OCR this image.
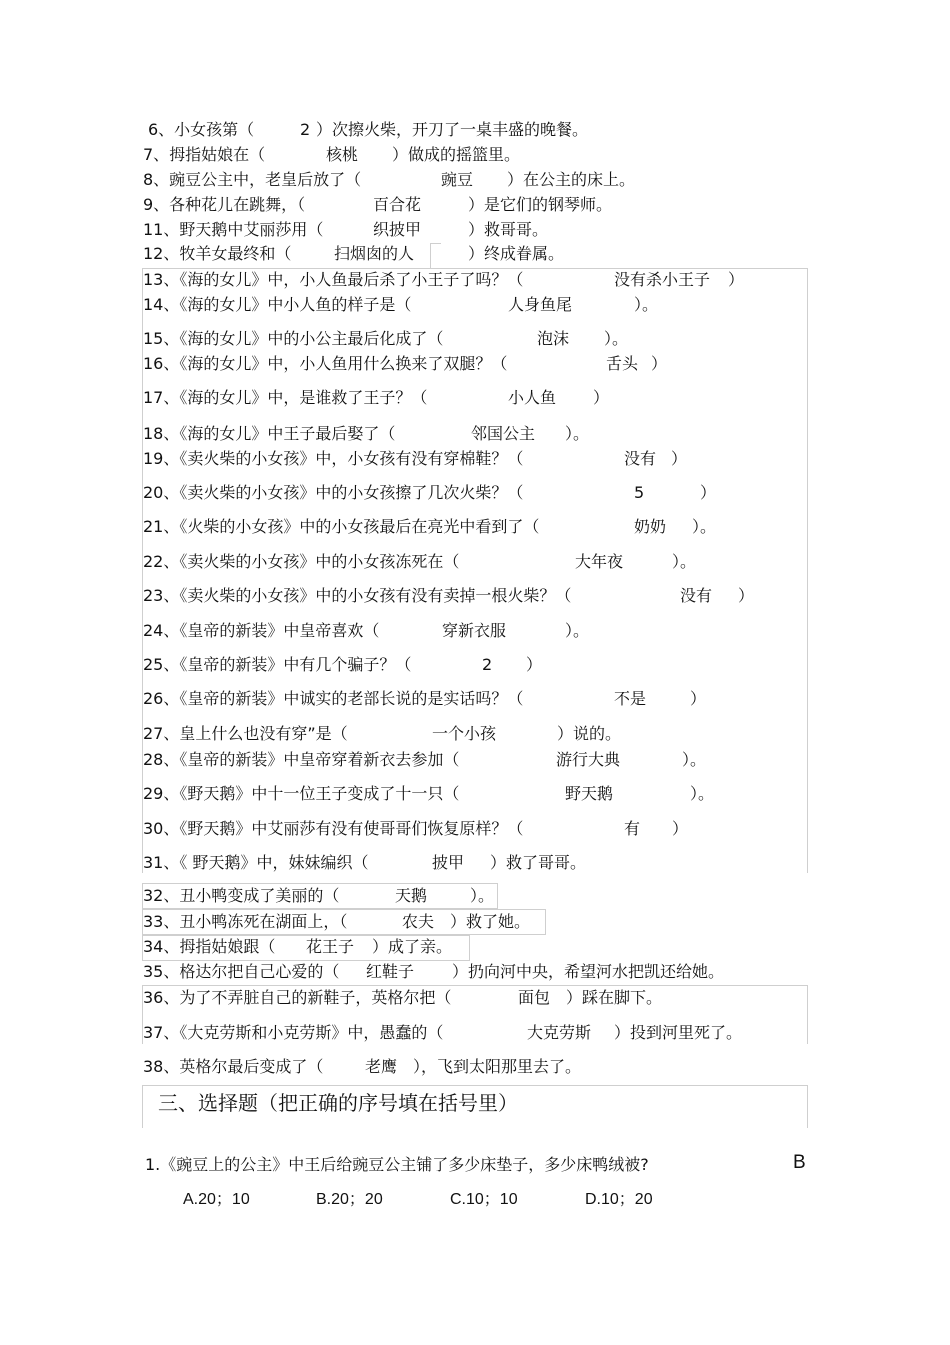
6、小女孩第（	2 ）次擦火柴，开刀了一桌丰盛的晚餐。
7、拇指姑娘在（	核桃 ）做成的摇篮里。
8、豌豆公主中，老皇后放了（	豌豆 ）在公主的床上。
9、各种花儿在跳舞，（	百合花	）是它们的钢琴师。
11、野天鹅中艾丽莎用（	织披甲	）救哥哥。
12、牧羊女最终和（	扫烟囱的人	）终成眷属。
13、《海的女儿》中，小人鱼最后杀了小王子了吗？（	没有杀小王子 ）
14、《海的女儿》中小人鱼的样子是（	人身鱼尾	）。
15、《海的女儿》中的小公主最后化成了（	泡沫 ）。
16、《海的女儿》中，小人鱼用什么换来了双腿？（	舌头 ）
17、《海的女儿》中，是谁救了王子？（	小人鱼 ）
18、《海的女儿》中王子最后娶了（	邻国公主 ）。
19、《卖火柴的小女孩》中，小女孩有没有穿棉鞋？（	没有 ）
20、《卖火柴的小女孩》中的小女孩擦了几次火柴？（	5	）
21、《火柴的小女孩》中的小女孩最后在亮光中看到了（	奶奶 ）。
22、《卖火柴的小女孩》中的小女孩冻死在（	大年夜	）。
23、《卖火柴的小女孩》中的小女孩有没有卖掉一根火柴？（	没有 ）
24、《皇帝的新装》中皇帝喜欢（	穿新衣服	）。
25、《皇帝的新装》中有几个骗子？（	2 ）
26、《皇帝的新装》中诚实的老部长说的是实话吗？（	不是	）
27、皇上什么也没有穿”是（	一个小孩	）说的。
28、《皇帝的新装》中皇帝穿着新衣去参加（	游行大典	）。
29、《野天鹅》中十一位王子变成了十一只（	野天鹅	）。
30、《野天鹅》中艾丽莎有没有使哥哥们恢复原样？（	有 ）
31、《 野天鹅》中，妹妹编织（	披甲 ）救了哥哥。
32、丑小鸭变成了美丽的（	天鹅	）。
33、丑小鸭冻死在湖面上，（	农夫 ）救了她。
34、拇指姑娘跟（ 花王子 ）成了亲。
35、格达尔把自己心爱的（ 红鞋子 ）扔向河中央，希望河水把凯还给她。
36、为了不弄脏自己的新鞋子，英格尔把（	面包 ）踩在脚下。
37、《大克劳斯和小克劳斯》中，愚蠢的（	大克劳斯 ）投到河里死了。
38、英格尔最后变成了（	老鹰 ），飞到太阳那里去了。
三、选择题（把正确的序号填在括号里）
1.《豌豆上的公主》中王后给豌豆公主铺了多少床垫子，多少床鸭绒被?	B
A.20；10	B.20；20	C.10；10	D.10；20
